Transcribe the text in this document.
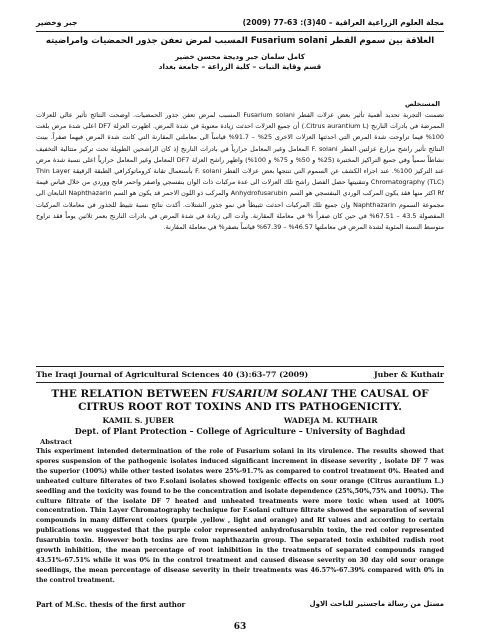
مجلة العلوم الزراعية العراقية – 40(3): 63-77 (2009)
جبر وخضير
العلاقة بين سموم الفطر Fusarium solani المسبب لمرض تعفن جذور الحمضيات وامراضيته
كامل سلمان جبر وديجة محسن خضير
قسم وقاية النبات – كلية الزراعة – جامعة بغداد
المستخلص
تضمنت التجربة تحديد أهمية تأثير بعض عزلات الفطر Fusarium solani المسبب لمرض تعفن جذور الحمضيات. اوضحت النتائج تأثير عالي للعزلات الممرضة في بادرات النارنج (Citrus aurantium L.) أن جميع العزلات احدثت زيادة معنوية في شدة المرض. اظهرت العزلة DF7 اعلى شدة مرض بلغت 100% فيما تراوحت شدة المرض التي احدثتها العزلات الاخرى 25% – 91.7% قياساً الى معاملتي المقارنة التي كانت شدة المرض فيهما صفراً. بينت النتائج تأثير راشح مزارع عزلتين الفطر F. solani المعامل وغير المعامل حرارياً في بادرات النارنج إذ كان الراشحين الطويلة تحت تركيز متتالية التخفيف نشاطاً سمياً وفي جميع التراكيز المختبرة (25% و 50% و 75% و 100%) واظهر راشح العزلة DF7 المعامل وغير المعامل حرارياً اعلى نسبة شدة مرض عند التركيز 100%. عند اجراء الكشف عن السموم التي تنتجها بعض عزلات الفطر F. solani بأستعمال تقانة كروماتوكرافي الطبقة الرقيقة Thin Layer Chromatography (TLC) وتتقنيتها حصل الفصل راشح تلك العزلات الى عدة مركبات ذات الوان بنفسجي واصفر واحمر فاتح ووردي من خلال قياس قيمة Rf اكثر منها فقد يكون المركب الوردي البنفسجي هو السم Anhydrofusarubin والمركب ذو اللون الاحمر قد يكون هو السم Naphthazarin التابعان الى مجموعة السموم Naphthazarin وان جميع تلك المركبات احدثت تثبيطاً في نمو جذور الشتلات. أكدت نتائج نسبة تثبيط للجذور في معاملات المركبات المفصولة 43.5 – 67.51% في حين كان صفراً % في معاملة المقارنة. وأدت الى زيادة في شدة المرض في بادرات النارنج بعمر ثلاثين يوماً فقد تراوح متوسط النسبة المئوية لشدة المرض في معاملتها 46.57% – 67.39% قياساً بصفر% في معاملة المقارنة.
The Iraqi Journal of Agricultural Sciences 40 (3):63-77 (2009)	Juber & Kuthair
THE RELATION BETWEEN FUSARIUM SOLANI THE CAUSAL OF
CITRUS ROOT ROT TOXINS AND ITS PATHOGENICITY.
KAMIL S. JUBER	WADEJA M. KUTHAIR
Dept. of Plant Protection – College of Agriculture – University of Baghdad
Abstract
This experiment intended determination of the role of Fusarium solani in its virulence. The results showed that spores suspension of the pathogenic isolates induced significant increment in disease severity , isolate DF 7 was the superior (100%) while other tested isolates were 25%-91.7% as compared to control treatment 0%. Heated and unheated culture filterates of two F.solani isolates showed toxigenic effects on sour orange (Citrus aurantium L.) seedling and the toxicity was found to be the concentration and isolate dependence (25%,50%,75% and 100%). The culture filtrate of the isolate DF 7 heated and unheated treatments were more toxic when used at 100% concentration. Thin Layer Chromatography technique for F.solani culture filtrate showed the separation of several compounds in many different colors (purple ,yellow , light and orange) and Rf values and according to certain publications we suggested that the purple color represented anhydrofusarubin toxin, the red color represented fusarubin toxin. However both toxins are from naphthazarin group. The separated toxin exhibited radish root growth inhibition, the mean percentage of root inhibition in the treatments of separated compounds ranged 43.51%-67.51% while it was 0% in the control treatment and caused disease severity on 30 day old sour orange seedlings, the mean percentage of disease severity in their treatments was 46.57%-67.39% compared with 0% in the control treatment.
Part of M.Sc. thesis of the first author	مستل من رسالة ماجستير للباحث الاول
63
